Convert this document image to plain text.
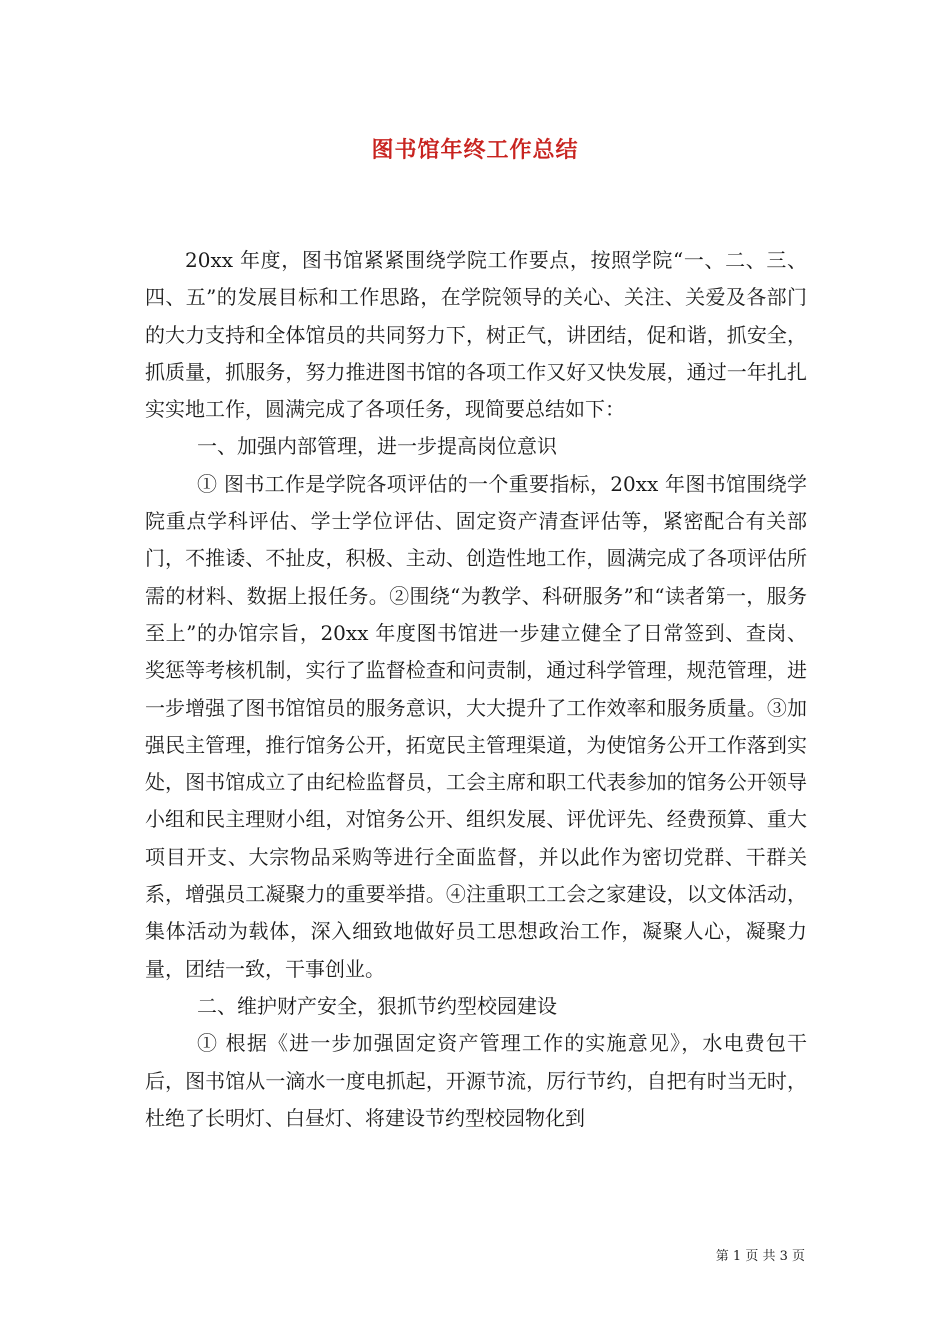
图书馆年终工作总结

20xx 年度，图书馆紧紧围绕学院工作要点，按照学院“一、二、三、四、五”的发展目标和工作思路，在学院领导的关心、关注、关爱及各部门的大力支持和全体馆员的共同努力下，树正气，讲团结，促和谐，抓安全，抓质量，抓服务，努力推进图书馆的各项工作又好又快发展，通过一年扎扎实实地工作，圆满完成了各项任务，现简要总结如下：

一、加强内部管理，进一步提高岗位意识

① 图书工作是学院各项评估的一个重要指标，20xx 年图书馆围绕学院重点学科评估、学士学位评估、固定资产清查评估等，紧密配合有关部门，不推诿、不扯皮，积极、主动、创造性地工作，圆满完成了各项评估所需的材料、数据上报任务。②围绕“为教学、科研服务”和“读者第一，服务至上”的办馆宗旨，20xx 年度图书馆进一步建立健全了日常签到、查岗、奖惩等考核机制，实行了监督检查和问责制，通过科学管理，规范管理，进一步增强了图书馆馆员的服务意识，大大提升了工作效率和服务质量。③加强民主管理，推行馆务公开，拓宽民主管理渠道，为使馆务公开工作落到实处，图书馆成立了由纪检监督员，工会主席和职工代表参加的馆务公开领导小组和民主理财小组，对馆务公开、组织发展、评优评先、经费预算、重大项目开支、大宗物品采购等进行全面监督，并以此作为密切党群、干群关系，增强员工凝聚力的重要举措。④注重职工工会之家建设，以文体活动，集体活动为载体，深入细致地做好员工思想政治工作，凝聚人心，凝聚力量，团结一致，干事创业。

二、维护财产安全，狠抓节约型校园建设

① 根据《进一步加强固定资产管理工作的实施意见》，水电费包干后，图书馆从一滴水一度电抓起，开源节流，厉行节约，自把有时当无时，杜绝了长明灯、白昼灯、将建设节约型校园物化到

第 1 页 共 3 页
